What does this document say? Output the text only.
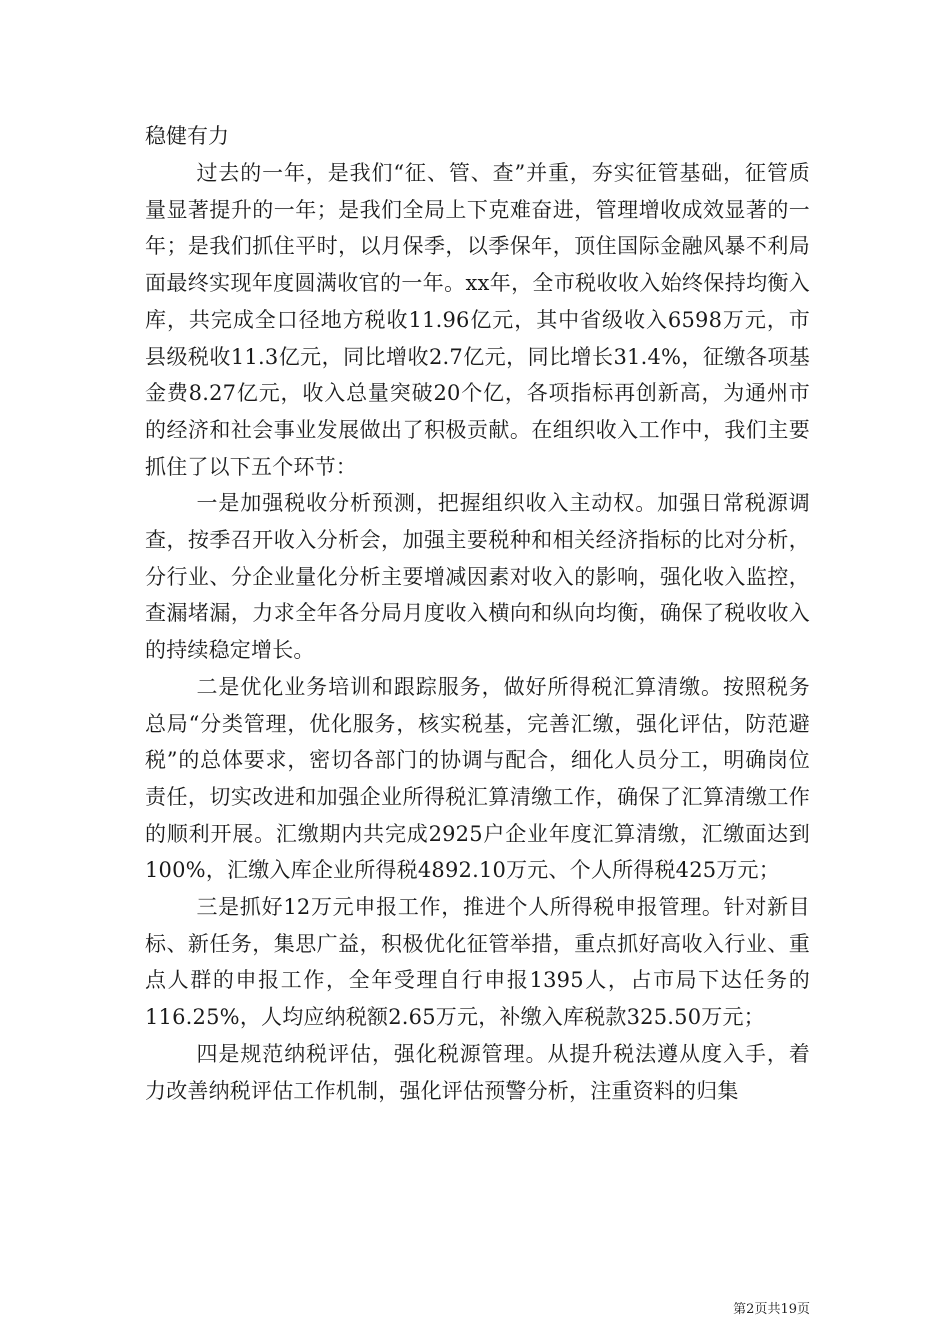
稳健有力

过去的一年，是我们“征、管、查”并重，夯实征管基础，征管质量显著提升的一年；是我们全局上下克难奋进，管理增收成效显著的一年；是我们抓住平时，以月保季，以季保年，顶住国际金融风暴不利局面最终实现年度圆满收官的一年。xx年，全市税收收入始终保持均衡入库，共完成全口径地方税收11.96亿元，其中省级收入6598万元，市县级税收11.3亿元，同比增收2.7亿元，同比增长31.4%，征缴各项基金费8.27亿元，收入总量突破20个亿，各项指标再创新高，为通州市的经济和社会事业发展做出了积极贡献。在组织收入工作中，我们主要抓住了以下五个环节：

一是加强税收分析预测，把握组织收入主动权。加强日常税源调查，按季召开收入分析会，加强主要税种和相关经济指标的比对分析，分行业、分企业量化分析主要增减因素对收入的影响，强化收入监控，查漏堵漏，力求全年各分局月度收入横向和纵向均衡，确保了税收收入的持续稳定增长。

二是优化业务培训和跟踪服务，做好所得税汇算清缴。按照税务总局“分类管理，优化服务，核实税基，完善汇缴，强化评估，防范避税”的总体要求，密切各部门的协调与配合，细化人员分工，明确岗位责任，切实改进和加强企业所得税汇算清缴工作，确保了汇算清缴工作的顺利开展。汇缴期内共完成2925户企业年度汇算清缴，汇缴面达到100%，汇缴入库企业所得税4892.10万元、个人所得税425万元；

三是抓好12万元申报工作，推进个人所得税申报管理。针对新目标、新任务，集思广益，积极优化征管举措，重点抓好高收入行业、重点人群的申报工作，全年受理自行申报1395人，占市局下达任务的116.25%，人均应纳税额2.65万元，补缴入库税款325.50万元；

四是规范纳税评估，强化税源管理。从提升税法遵从度入手，着力改善纳税评估工作机制，强化评估预警分析，注重资料的归集

第2页共19页
